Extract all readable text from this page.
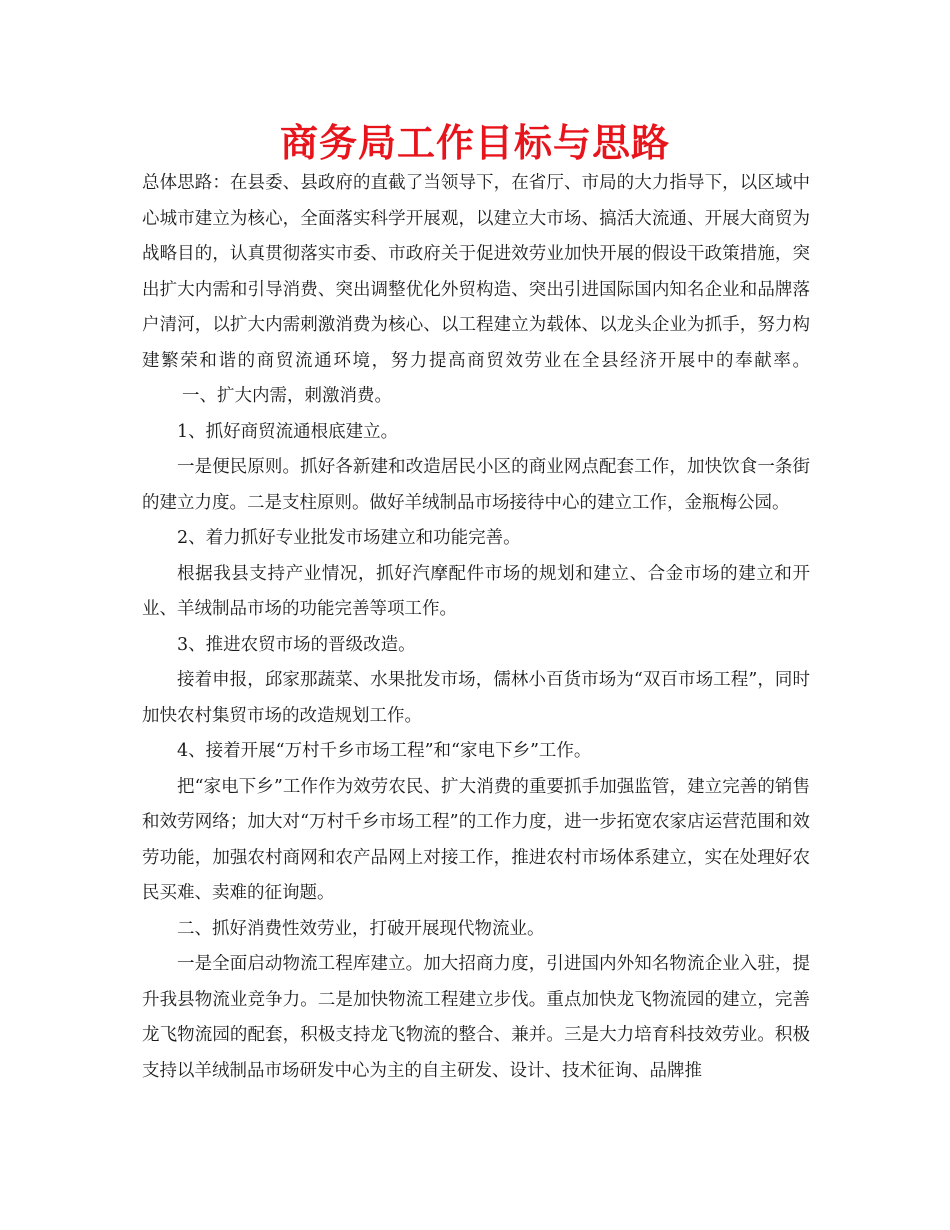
商务局工作目标与思路

总体思路：在县委、县政府的直截了当领导下，在省厅、市局的大力指导下，以区域中心城市建立为核心，全面落实科学开展观，以建立大市场、搞活大流通、开展大商贸为战略目的，认真贯彻落实市委、市政府关于促进效劳业加快开展的假设干政策措施，突出扩大内需和引导消费、突出调整优化外贸构造、突出引进国际国内知名企业和品牌落户清河，以扩大内需刺激消费为核心、以工程建立为载体、以龙头企业为抓手，努力构建繁荣和谐的商贸流通环境，努力提高商贸效劳业在全县经济开展中的奉献率。一、扩大内需，刺激消费。

1、抓好商贸流通根底建立。

一是便民原则。抓好各新建和改造居民小区的商业网点配套工作，加快饮食一条街的建立力度。二是支柱原则。做好羊绒制品市场接待中心的建立工作，金瓶梅公园。

2、着力抓好专业批发市场建立和功能完善。

根据我县支持产业情况，抓好汽摩配件市场的规划和建立、合金市场的建立和开业、羊绒制品市场的功能完善等项工作。

3、推进农贸市场的晋级改造。

接着申报，邱家那蔬菜、水果批发市场，儒林小百货市场为“双百市场工程”，同时加快农村集贸市场的改造规划工作。

4、接着开展“万村千乡市场工程”和“家电下乡”工作。

把“家电下乡”工作作为效劳农民、扩大消费的重要抓手加强监管，建立完善的销售和效劳网络；加大对“万村千乡市场工程”的工作力度，进一步拓宽农家店运营范围和效劳功能，加强农村商网和农产品网上对接工作，推进农村市场体系建立，实在处理好农民买难、卖难的征询题。

二、抓好消费性效劳业，打破开展现代物流业。

一是全面启动物流工程库建立。加大招商力度，引进国内外知名物流企业入驻，提升我县物流业竞争力。二是加快物流工程建立步伐。重点加快龙飞物流园的建立，完善龙飞物流园的配套，积极支持龙飞物流的整合、兼并。三是大力培育科技效劳业。积极支持以羊绒制品市场研发中心为主的自主研发、设计、技术征询、品牌推
